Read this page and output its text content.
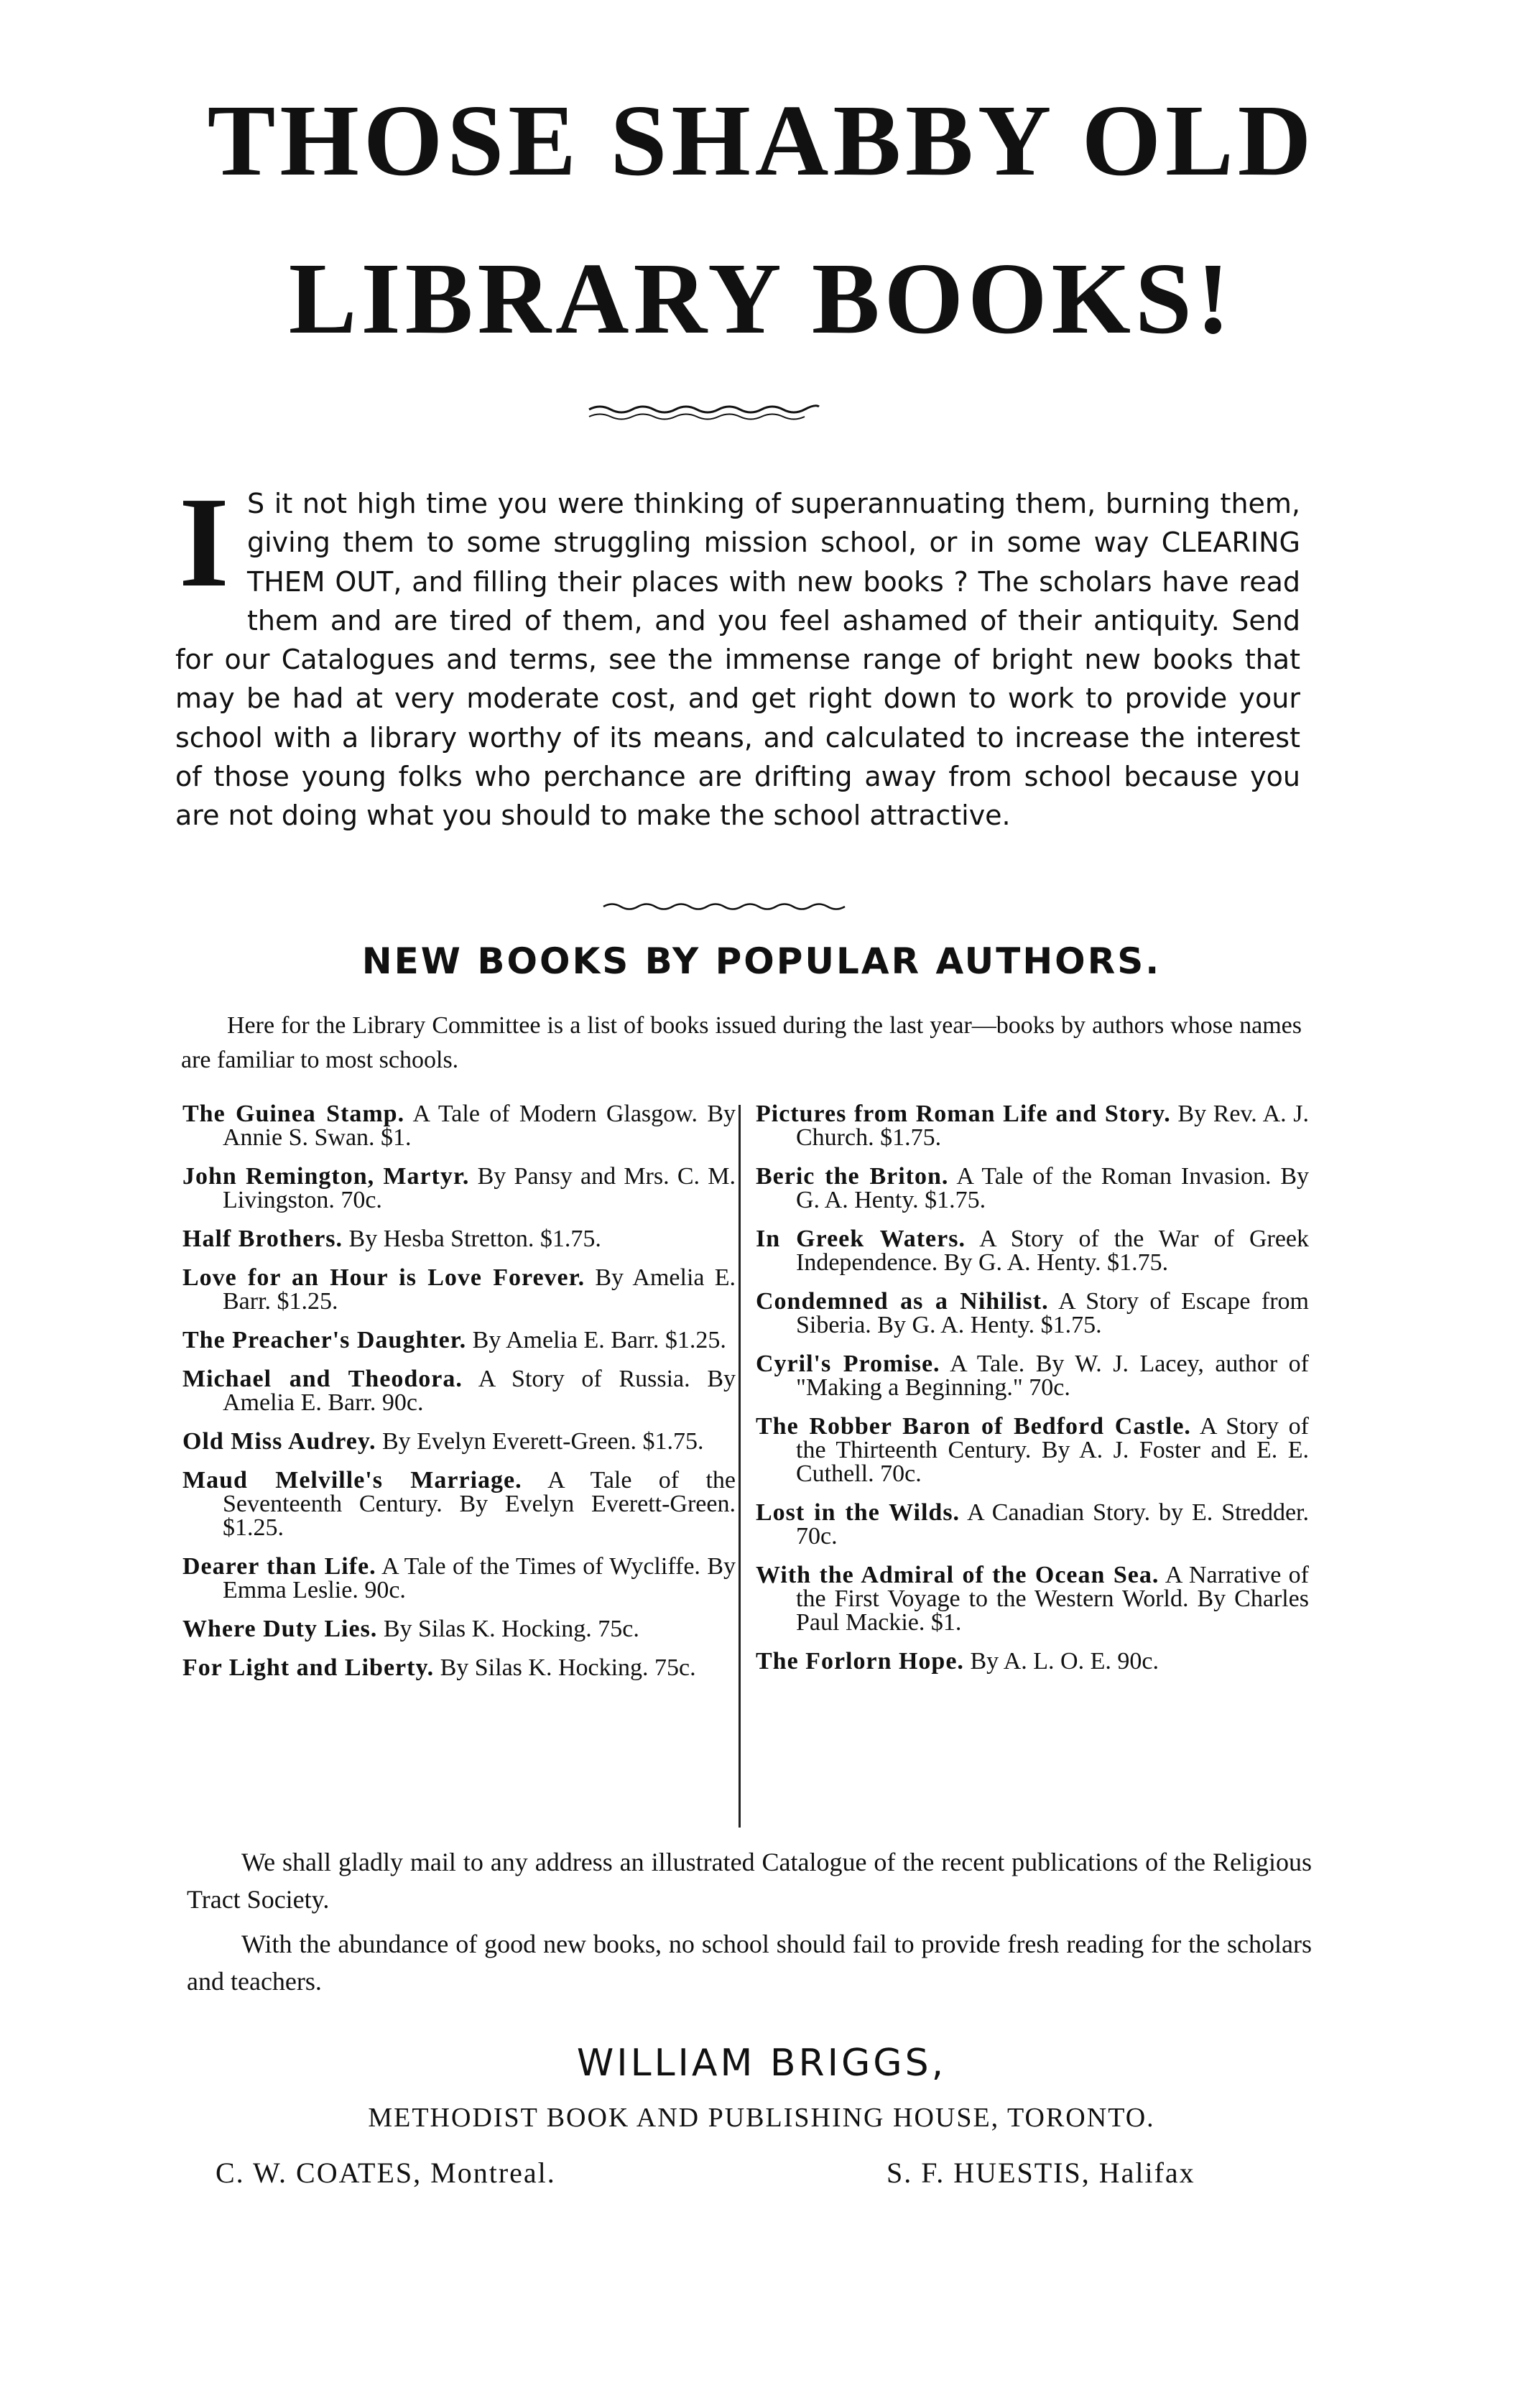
THOSE SHABBY OLD
LIBRARY BOOKS!
I S it not high time you were thinking of superannuating them, burning them, giving them to some struggling mission school, or in some way CLEARING THEM OUT, and filling their places with new books ? The scholars have read them and are tired of them, and you feel ashamed of their antiquity. Send for our Catalogues and terms, see the immense range of bright new books that may be had at very moderate cost, and get right down to work to provide your school with a library worthy of its means, and calculated to increase the interest of those young folks who perchance are drifting away from school because you are not doing what you should to make the school attractive.

NEW BOOKS BY POPULAR AUTHORS.

Here for the Library Committee is a list of books issued during the last year—books by authors whose names are familiar to most schools.

The Guinea Stamp. A Tale of Modern Glasgow. By Annie S. Swan. $1.

John Remington, Martyr. By Pansy and Mrs. C. M. Livingston. 70c.

Half Brothers. By Hesba Stretton. $1.75.

Love for an Hour is Love Forever. By Amelia E. Barr. $1.25.

The Preacher's Daughter. By Amelia E. Barr. $1.25.

Michael and Theodora. A Story of Russia. By Amelia E. Barr. 90c.

Old Miss Audrey. By Evelyn Everett-Green. $1.75.

Maud Melville's Marriage. A Tale of the Seventeenth Century. By Evelyn Everett-Green. $1.25.

Dearer than Life. A Tale of the Times of Wycliffe. By Emma Leslie. 90c.

Where Duty Lies. By Silas K. Hocking. 75c.

For Light and Liberty. By Silas K. Hocking. 75c.

Pictures from Roman Life and Story. By Rev. A. J. Church. $1.75.

Beric the Briton. A Tale of the Roman Invasion. By G. A. Henty. $1.75.

In Greek Waters. A Story of the War of Greek Independence. By G. A. Henty. $1.75.

Condemned as a Nihilist. A Story of Escape from Siberia. By G. A. Henty. $1.75.

Cyril's Promise. A Tale. By W. J. Lacey, author of "Making a Beginning." 70c.

The Robber Baron of Bedford Castle. A Story of the Thirteenth Century. By A. J. Foster and E. E. Cuthell. 70c.

Lost in the Wilds. A Canadian Story. by E. Stredder. 70c.

With the Admiral of the Ocean Sea. A Narrative of the First Voyage to the Western World. By Charles Paul Mackie. $1.

The Forlorn Hope. By A. L. O. E. 90c.

We shall gladly mail to any address an illustrated Catalogue of the recent publications of the Religious Tract Society.

With the abundance of good new books, no school should fail to provide fresh reading for the scholars and teachers.

WILLIAM BRIGGS,
METHODIST BOOK AND PUBLISHING HOUSE, TORONTO.
C. W. COATES, Montreal.	S. F. HUESTIS, Halifax
